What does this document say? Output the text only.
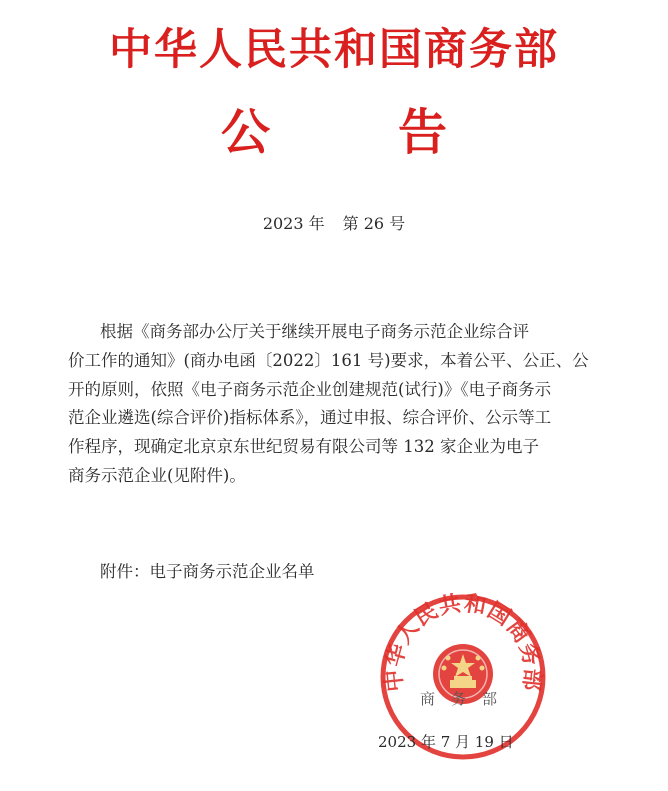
中华人民共和国商务部
公	告
2023 年 第 26 号
根据《商务部办公厅关于继续开展电子商务示范企业综合评
价工作的通知》(商办电函〔2022〕161 号)要求，本着公平、公正、公
开的原则，依照《电子商务示范企业创建规范(试行)》《电子商务示
范企业遴选(综合评价)指标体系》，通过申报、综合评价、公示等工
作程序，现确定北京京东世纪贸易有限公司等 132 家企业为电子
商务示范企业(见附件)。
附件：电子商务示范企业名单
中华人民共和国商务部
商务部
2023 年 7 月 19 日
